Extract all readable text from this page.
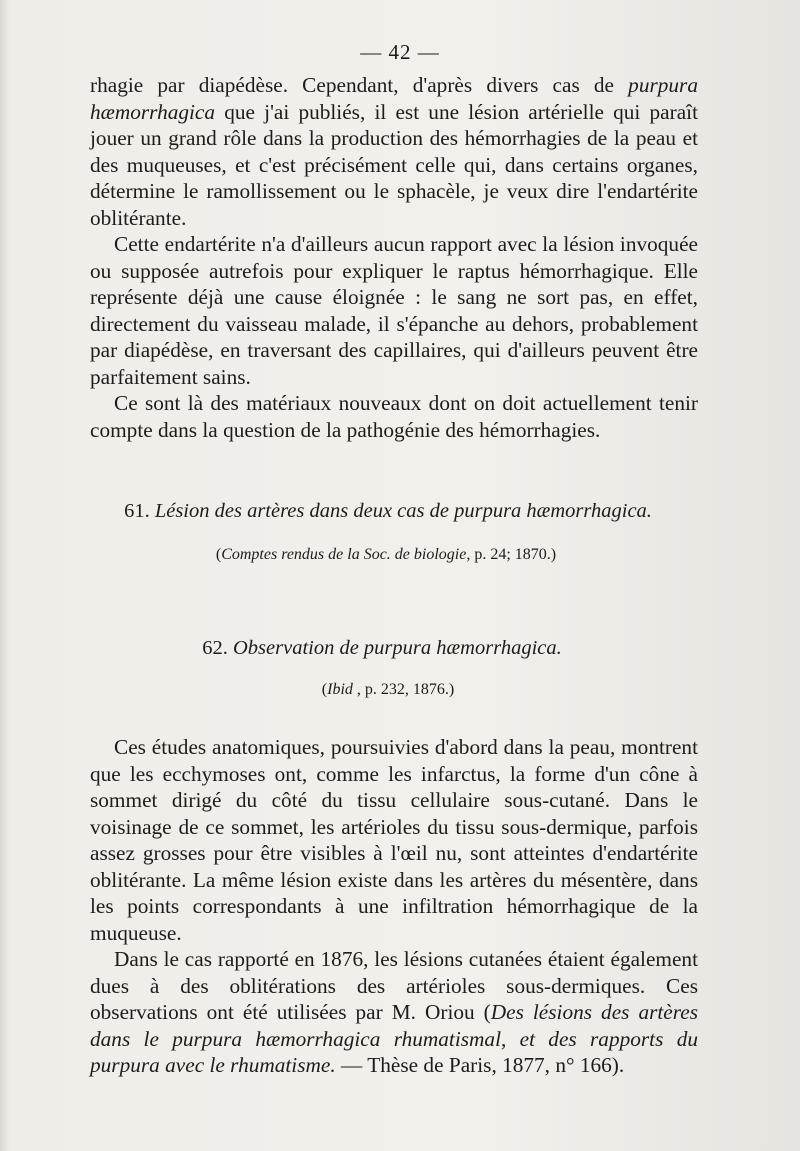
— 42 —

rhagie par diapédèse. Cependant, d'après divers cas de purpura hæmorrhagica que j'ai publiés, il est une lésion artérielle qui paraît jouer un grand rôle dans la production des hémorrhagies de la peau et des muqueuses, et c'est précisément celle qui, dans certains organes, détermine le ramollissement ou le sphacèle, je veux dire l'endartérite oblitérante.

Cette endartérite n'a d'ailleurs aucun rapport avec la lésion invoquée ou supposée autrefois pour expliquer le raptus hémorrhagique. Elle représente déjà une cause éloignée : le sang ne sort pas, en effet, directement du vaisseau malade, il s'épanche au dehors, probablement par diapédèse, en traversant des capillaires, qui d'ailleurs peuvent être parfaitement sains.

Ce sont là des matériaux nouveaux dont on doit actuellement tenir compte dans la question de la pathogénie des hémorrhagies.

61. Lésion des artères dans deux cas de purpura hæmorrhagica.
(Comptes rendus de la Soc. de biologie, p. 24; 1870.)
62. Observation de purpura hæmorrhagica.
(Ibid , p. 232, 1876.)

Ces études anatomiques, poursuivies d'abord dans la peau, montrent que les ecchymoses ont, comme les infarctus, la forme d'un cône à sommet dirigé du côté du tissu cellulaire sous-cutané. Dans le voisinage de ce sommet, les artérioles du tissu sous-dermique, parfois assez grosses pour être visibles à l'œil nu, sont atteintes d'endartérite oblitérante. La même lésion existe dans les artères du mésentère, dans les points correspondants à une infiltration hémorrhagique de la muqueuse.

Dans le cas rapporté en 1876, les lésions cutanées étaient également dues à des oblitérations des artérioles sous-dermiques. Ces observations ont été utilisées par M. Oriou (Des lésions des artères dans le purpura hæmorrhagica rhumatismal, et des rapports du purpura avec le rhumatisme. — Thèse de Paris, 1877, n° 166).
